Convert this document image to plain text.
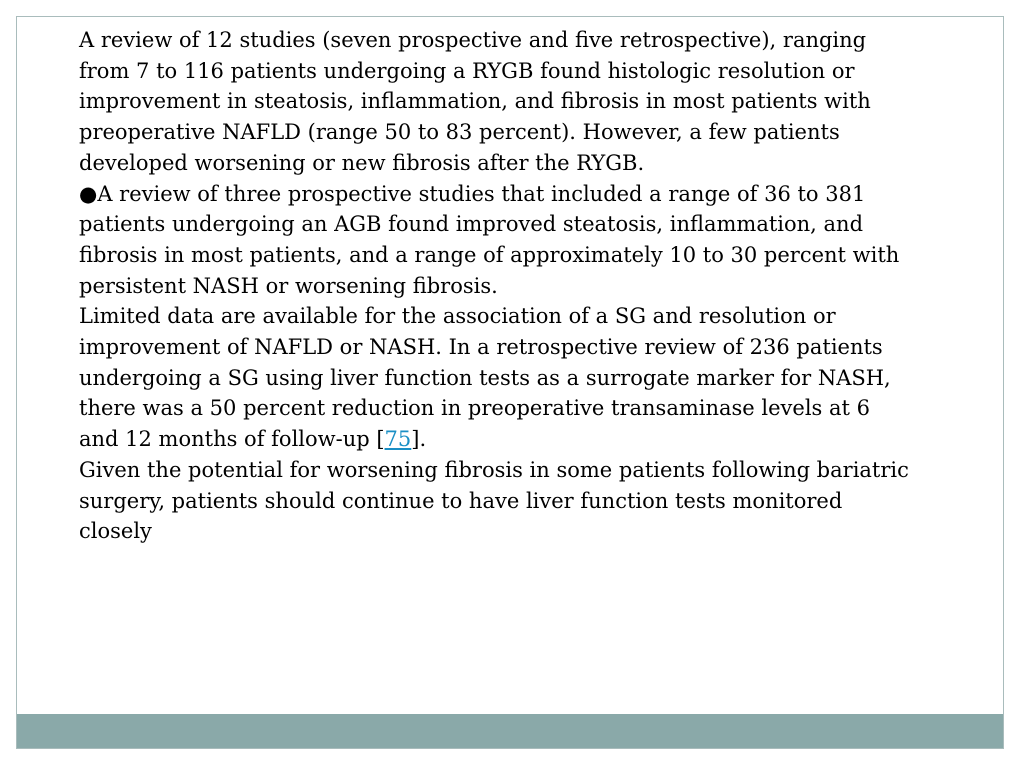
A review of 12 studies (seven prospective and five retrospective), ranging from 7 to 116 patients undergoing a RYGB found histologic resolution or improvement in steatosis, inflammation, and fibrosis in most patients with preoperative NAFLD (range 50 to 83 percent). However, a few patients developed worsening or new fibrosis after the RYGB.

●A review of three prospective studies that included a range of 36 to 381 patients undergoing an AGB found improved steatosis, inflammation, and fibrosis in most patients, and a range of approximately 10 to 30 percent with persistent NASH or worsening fibrosis.

Limited data are available for the association of a SG and resolution or improvement of NAFLD or NASH. In a retrospective review of 236 patients undergoing a SG using liver function tests as a surrogate marker for NASH, there was a 50 percent reduction in preoperative transaminase levels at 6 and 12 months of follow-up [75].

Given the potential for worsening fibrosis in some patients following bariatric surgery, patients should continue to have liver function tests monitored closely
